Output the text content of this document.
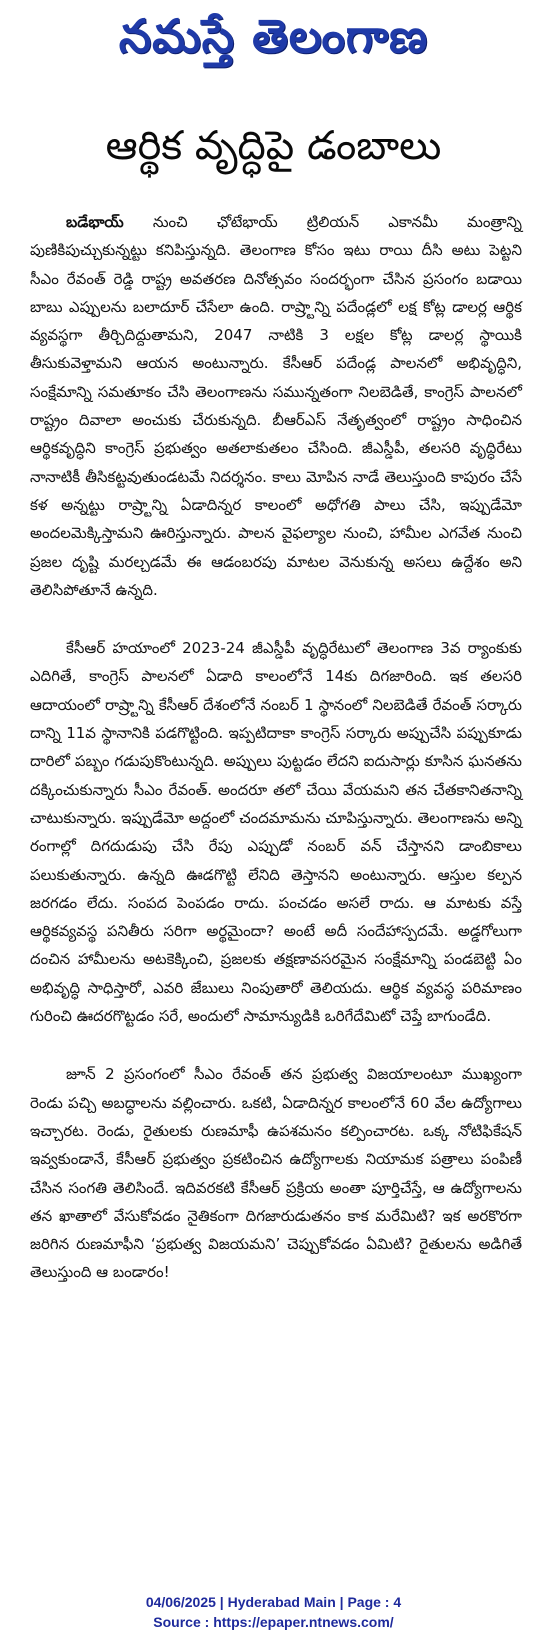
నమస్తే తెలంగాణ
ఆర్థిక వృద్ధిపై డంబాలు

బడేభాయ్ నుంచి ఛోటేభాయ్ ట్రిలియన్ ఎకానమీ మంత్రాన్ని పుణికిపుచ్చుకున్నట్టు కనిపిస్తున్నది. తెలంగాణ కోసం ఇటు రాయి దీసి అటు పెట్టని సీఎం రేవంత్ రెడ్డి రాష్ట్ర అవతరణ దినోత్సవం సందర్భంగా చేసిన ప్రసంగం బడాయి బాబు ఎప్పులను బలాదూర్ చేసేలా ఉంది. రాష్ర్టాన్ని పదేండ్లలో లక్ష కోట్ల డాలర్ల ఆర్థిక వ్యవస్థగా తీర్చిదిద్దుతామని, 2047 నాటికి 3 లక్షల కోట్ల డాలర్ల స్థాయికి తీసుకువెళ్తామని ఆయన అంటున్నారు. కేసీఆర్ పదేండ్ల పాలనలో అభివృద్ధిని, సంక్షేమాన్ని సమతూకం చేసి తెలంగాణను సమున్నతంగా నిలబెడితే, కాంగ్రెస్ పాలనలో రాష్ట్రం దివాలా అంచుకు చేరుకున్నది. బీఆర్ఎస్ నేతృత్వంలో రాష్ట్రం సాధించిన ఆర్థికవృద్ధిని కాంగ్రెస్ ప్రభుత్వం అతలాకుతలం చేసింది. జీఎస్డీపీ, తలసరి వృద్ధిరేటు నానాటికీ తీసికట్టవుతుండటమే నిదర్శనం. కాలు మోపిన నాడే తెలుస్తుంది కాపురం చేసే కళ అన్నట్టు రాష్ర్టాన్ని ఏడాదిన్నర కాలంలో అధోగతి పాలు చేసి, ఇప్పుడేమో అందలమెక్కిస్తామని ఊరిస్తున్నారు. పాలన వైఫల్యాల నుంచి, హామీల ఎగవేత నుంచి ప్రజల దృష్టి మరల్చడమే ఈ ఆడంబరపు మాటల వెనుకున్న అసలు ఉద్దేశం అని తెలిసిపోతూనే ఉన్నది.

కేసీఆర్ హయాంలో 2023-24 జీఎస్డీపీ వృద్ధిరేటులో తెలంగాణ 3వ ర్యాంకుకు ఎదిగితే, కాంగ్రెస్ పాలనలో ఏడాది కాలంలోనే 14కు దిగజారింది. ఇక తలసరి ఆదాయంలో రాష్ర్టాన్ని కేసీఆర్ దేశంలోనే నంబర్ 1 స్థానంలో నిలబెడితే రేవంత్ సర్కారు దాన్ని 11వ స్థానానికి పడగొట్టింది. ఇప్పటిదాకా కాంగ్రెస్ సర్కారు అప్పుచేసి పప్పుకూడు దారిలో పబ్బం గడుపుకొంటున్నది. అప్పులు పుట్టడం లేదని ఐదుసార్లు కూసిన ఘనతను దక్కించుకున్నారు సీఎం రేవంత్. అందరూ తలో చేయి వేయమని తన చేతకానితనాన్ని చాటుకున్నారు. ఇప్పుడేమో అద్దంలో చందమామను చూపిస్తున్నారు. తెలంగాణను అన్ని రంగాల్లో దిగదుడుపు చేసి రేపు ఎప్పుడో నంబర్ వన్ చేస్తానని డాంబికాలు పలుకుతున్నారు. ఉన్నది ఊడగొట్టి లేనిది తెస్తానని అంటున్నారు. ఆస్తుల కల్పన జరగడం లేదు. సంపద పెంపడం రాదు. పంచడం అసలే రాదు. ఆ మాటకు వస్తే ఆర్థికవ్యవస్థ పనితీరు సరిగా అర్థమైందా? అంటే అదీ సందేహాస్పదమే. అడ్డగోలుగా దంచిన హామీలను అటకెక్కించి, ప్రజలకు తక్షణావసరమైన సంక్షేమాన్ని పండబెట్టి ఏం అభివృద్ధి సాధిస్తారో, ఎవరి జేబులు నింపుతారో తెలియదు. ఆర్థిక వ్యవస్థ పరిమాణం గురించి ఊదరగొట్టడం సరే, అందులో సామాన్యుడికి ఒరిగేదేమిటో చెప్తే బాగుండేది.

జూన్ 2 ప్రసంగంలో సీఎం రేవంత్ తన ప్రభుత్వ విజయాలంటూ ముఖ్యంగా రెండు పచ్చి అబద్ధాలను వల్లించారు. ఒకటి, ఏడాదిన్నర కాలంలోనే 60 వేల ఉద్యోగాలు ఇచ్చారట. రెండు, రైతులకు రుణమాఫీ ఉపశమనం కల్పించారట. ఒక్క నోటిఫికేషన్ ఇవ్వకుండానే, కేసీఆర్ ప్రభుత్వం ప్రకటించిన ఉద్యోగాలకు నియామక పత్రాలు పంపిణీ చేసిన సంగతి తెలిసిందే. ఇదివరకటి కేసీఆర్ ప్రక్రియ అంతా పూర్తిచేస్తే, ఆ ఉద్యోగాలను తన ఖాతాలో వేసుకోవడం నైతికంగా దిగజారుడుతనం కాక మరేమిటి? ఇక అరకొరగా జరిగిన రుణమాఫీని ‘ప్రభుత్వ విజయమని’ చెప్పుకోవడం ఏమిటి? రైతులను అడిగితే తెలుస్తుంది ఆ బండారం!

04/06/2025 | Hyderabad Main | Page : 4
Source : https://epaper.ntnews.com/
